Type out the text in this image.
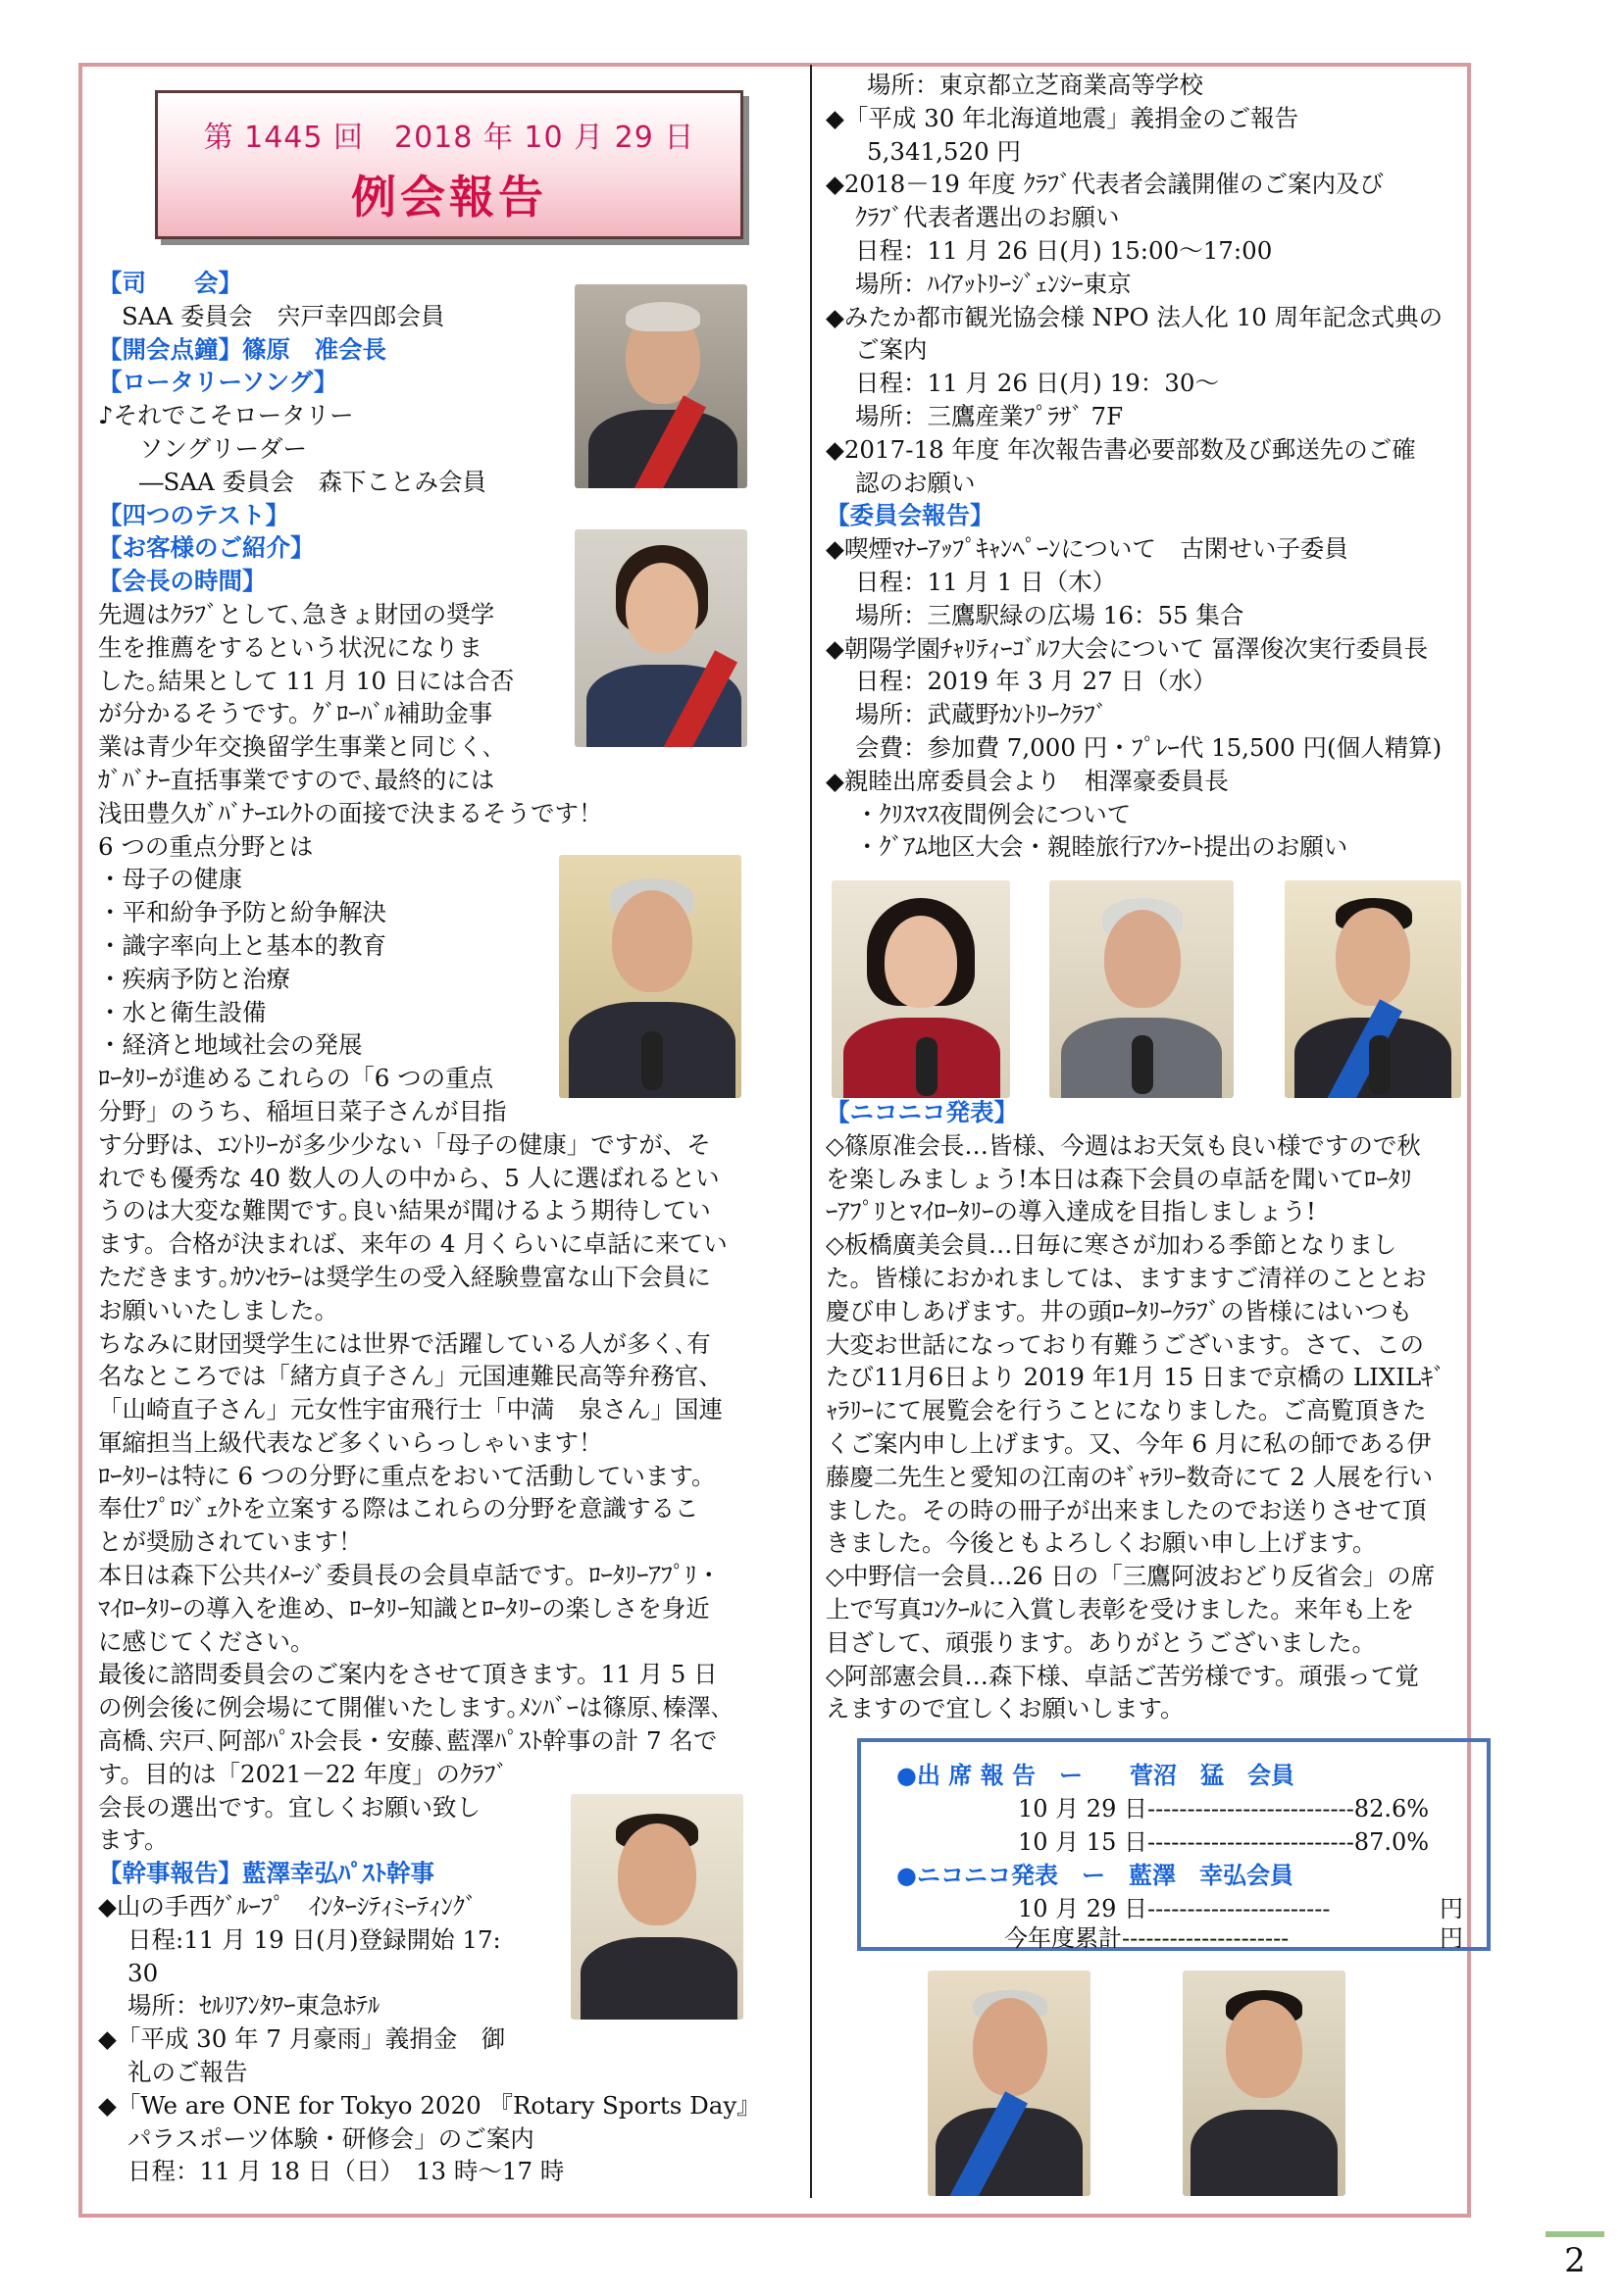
第 1445 回　2018 年 10 月 29 日
例会報告
【司　　会】
SAA 委員会　宍戸幸四郎会員
【開会点鐘】篠原　准会長
【ロータリーソング】
♪それでこそロータリー
ソングリーダー
―SAA 委員会　森下ことみ会員
【四つのテスト】
【お客様のご紹介】
【会長の時間】
先週はｸﾗﾌﾞとして､急きょ財団の奨学
生を推薦をするという状況になりま
した｡結果として 11 月 10 日には合否
が分かるそうです。ｸﾞﾛｰﾊﾞﾙ補助金事
業は青少年交換留学生事業と同じく､
ｶﾞﾊﾞﾅｰ直括事業ですので､最終的には
浅田豊久ｶﾞﾊﾞﾅｰｴﾚｸﾄの面接で決まるそうです！
6 つの重点分野とは
・母子の健康
・平和紛争予防と紛争解決
・識字率向上と基本的教育
・疾病予防と治療
・水と衛生設備
・経済と地域社会の発展
ﾛｰﾀﾘｰが進めるこれらの「6 つの重点
分野」のうち、稲垣日菜子さんが目指
す分野は、ｴﾝﾄﾘｰが多少少ない「母子の健康」ですが、そ
れでも優秀な 40 数人の人の中から、5 人に選ばれるとい
うのは大変な難関です｡良い結果が聞けるよう期待してい
ます。合格が決まれば、来年の 4 月くらいに卓話に来てい
ただきます｡ｶｳﾝｾﾗｰは奨学生の受入経験豊富な山下会員に
お願いいたしました。
ちなみに財団奨学生には世界で活躍している人が多く､有
名なところでは「緒方貞子さん」元国連難民高等弁務官、
「山崎直子さん」元女性宇宙飛行士「中満　泉さん」国連
軍縮担当上級代表など多くいらっしゃいます！
ﾛｰﾀﾘｰは特に 6 つの分野に重点をおいて活動しています。
奉仕ﾌﾟﾛｼﾞｪｸﾄを立案する際はこれらの分野を意識するこ
とが奨励されています！
本日は森下公共ｲﾒｰｼﾞ委員長の会員卓話です。ﾛｰﾀﾘｰｱﾌﾟﾘ・
ﾏｲﾛｰﾀﾘｰの導入を進め、ﾛｰﾀﾘｰ知識とﾛｰﾀﾘｰの楽しさを身近
に感じてください。
最後に諮問委員会のご案内をさせて頂きます。11 月 5 日
の例会後に例会場にて開催いたします｡ﾒﾝﾊﾞｰは篠原､榛澤､
高橋､宍戸､阿部ﾊﾟｽﾄ会長・安藤､藍澤ﾊﾟｽﾄ幹事の計 7 名で
す。目的は「2021－22 年度」のｸﾗﾌﾞ
会長の選出です。宜しくお願い致し
ます。
【幹事報告】藍澤幸弘ﾊﾟｽﾄ幹事
◆山の手西ｸﾞﾙｰﾌﾟ　ｲﾝﾀｰｼﾃｨﾐｰﾃｨﾝｸﾞ
日程:11 月 19 日(月)登録開始 17:
30
場所：ｾﾙﾘｱﾝﾀﾜｰ東急ﾎﾃﾙ
◆「平成 30 年 7 月豪雨」義捐金　御
礼のご報告
◆「We are ONE for Tokyo 2020 『Rotary Sports Day』
パラスポーツ体験・研修会」のご案内
日程：11 月 18 日（日）　13 時～17 時
場所：東京都立芝商業高等学校
◆「平成 30 年北海道地震」義捐金のご報告
5,341,520 円
◆2018－19 年度 ｸﾗﾌﾞ代表者会議開催のご案内及び
ｸﾗﾌﾞ代表者選出のお願い
日程：11 月 26 日(月) 15:00～17:00
場所：ﾊｲｱｯﾄﾘｰｼﾞｪﾝｼｰ東京
◆みたか都市観光協会様 NPO 法人化 10 周年記念式典の
ご案内
日程：11 月 26 日(月) 19：30～
場所：三鷹産業ﾌﾟﾗｻﾞ 7F
◆2017-18 年度 年次報告書必要部数及び郵送先のご確
認のお願い
【委員会報告】
◆喫煙ﾏﾅｰｱｯﾌﾟｷｬﾝﾍﾟｰﾝについて　古閑せい子委員
日程：11 月 1 日（木）
場所：三鷹駅緑の広場 16：55 集合
◆朝陽学園ﾁｬﾘﾃｨｰｺﾞﾙﾌ大会について 冨澤俊次実行委員長
日程：2019 年 3 月 27 日（水）
場所：武蔵野ｶﾝﾄﾘｰｸﾗﾌﾞ
会費：参加費 7,000 円・ﾌﾟﾚｰ代 15,500 円(個人精算)
◆親睦出席委員会より　相澤豪委員長
・ｸﾘｽﾏｽ夜間例会について
・ｸﾞｱﾑ地区大会・親睦旅行ｱﾝｹｰﾄ提出のお願い
【ニコニコ発表】
◇篠原准会長…皆様、今週はお天気も良い様ですので秋
を楽しみましょう!本日は森下会員の卓話を聞いてﾛｰﾀﾘ
ｰｱﾌﾟﾘとﾏｲﾛｰﾀﾘｰの導入達成を目指しましょう!
◇板橋廣美会員…日毎に寒さが加わる季節となりまし
た。皆様におかれましては、ますますご清祥のこととお
慶び申しあげます。井の頭ﾛｰﾀﾘｰｸﾗﾌﾞの皆様にはいつも
大変お世話になっており有難うございます。さて、この
たび11月6日より 2019 年1月 15 日まで京橋の LIXILｷﾞ
ｬﾗﾘｰにて展覧会を行うことになりました。ご高覧頂きた
くご案内申し上げます。又、今年 6 月に私の師である伊
藤慶二先生と愛知の江南のｷﾞｬﾗﾘｰ数奇にて 2 人展を行い
ました。その時の冊子が出来ましたのでお送りさせて頂
きました。今後ともよろしくお願い申し上げます。
◇中野信一会員…26 日の「三鷹阿波おどり反省会」の席
上で写真ｺﾝｸｰﾙに入賞し表彰を受けました。来年も上を
目ざして、頑張ります。ありがとうございました。
◇阿部憲会員…森下様、卓話ご苦労様です。頑張って覚
えますので宜しくお願いします。
●出 席 報 告　ー　　菅沼　猛　会員
10 月 29 日--------------------------82.6%
10 月 15 日--------------------------87.0%
●ニコニコ発表　ー　藍澤　幸弘会員
10 月 29 日-----------------------	円
今年度累計---------------------	円
2
